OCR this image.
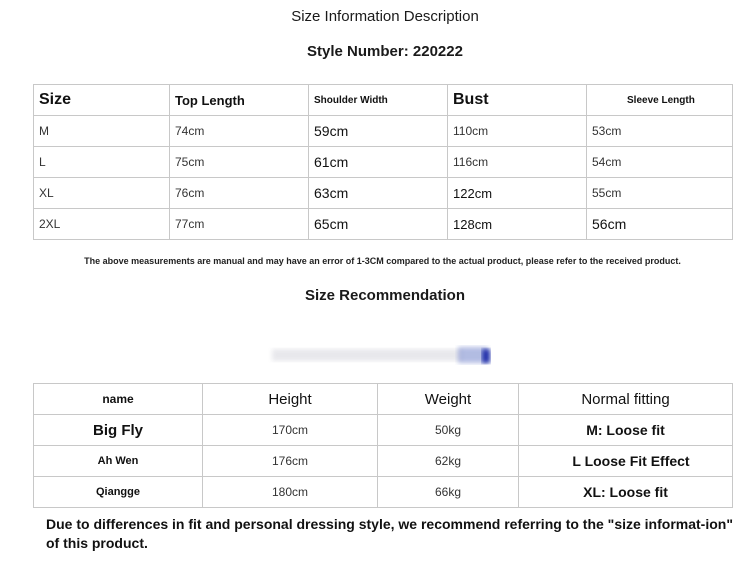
Size Information Description
Style Number: 220222
Size	Top Length	Shoulder Width	Bust	Sleeve Length
M	74cm	59cm	110cm	53cm
L	75cm	61cm	116cm	54cm
XL	76cm	63cm	122cm	55cm
2XL	77cm	65cm	128cm	56cm
The above measurements are manual and may have an error of 1-3CM compared to the actual product, please refer to the received product.
Size Recommendation
name	Height	Weight	Normal fitting
Big Fly	170cm	50kg	M: Loose fit
Ah Wen	176cm	62kg	L Loose Fit Effect
Qiangge	180cm	66kg	XL: Loose fit
Due to differences in fit and personal dressing style, we recommend referring to the "size informat-ion" of this product.
